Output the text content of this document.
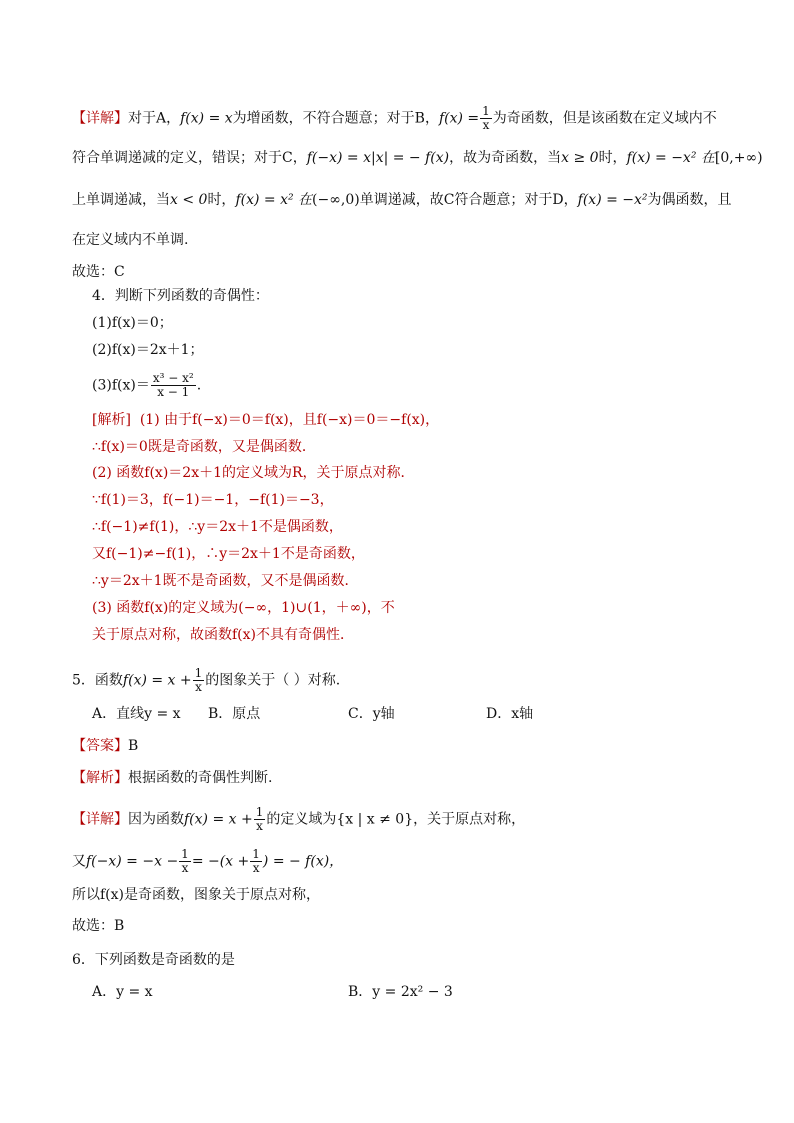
【详解】对于A，f(x) = x为增函数，不符合题意；对于B，$f(x) = \frac{1}{x}$ 为奇函数，但是该函数在定义域内不
符合单调递减的定义，错误；对于C，f(−x) = x|x| = − f(x)，故为奇函数，当x ≥ 0时，f(x) = −x² 在[0,+∞)
上单调递减，当x < 0时，f(x) = x² 在(−∞,0)单调递减，故C符合题意；对于D，f(x) = −x²为偶函数，且
在定义域内不单调.
故选：C
4．判断下列函数的奇偶性：
(1)f(x)＝0；
(2)f(x)＝2x＋1；
$(3)f(x)= \frac{\text{x³ − x²}}{x - 1}$ .
[解析] (1) 由于f(−x)＝0＝f(x)，且f(−x)＝0＝−f(x)，
∴f(x)＝0既是奇函数，又是偶函数．
(2) 函数f(x)＝2x＋1的定义域为R，关于原点对称．
∵f(1)＝3，f(−1)＝−1，−f(1)＝−3，
∴f(−1)≠f(1)，∴y＝2x＋1不是偶函数，
又f(−1)≠−f(1)，∴y＝2x＋1不是奇函数，
∴y＝2x＋1既不是奇函数，又不是偶函数．
(3) 函数f(x)的定义域为(−∞，1)∪(1，＋∞)，不
关于原点对称，故函数f(x)不具有奇偶性．
5．函数$f(x) = x + \frac{1}{x}$ 的图象关于（ ）对称.
A．直线y = x B．原点	C．y轴	D．x轴
【答案】B
【解析】根据函数的奇偶性判断.
【详解】因为函数$f(x) = x + \frac{1}{x}$ 的定义域为{x | x ≠ 0}，关于原点对称，
又$f(-x) = -x - \frac{1}{x} = -(x + \frac{1}{x}$ ) = − f(x)，
所以f(x)是奇函数，图象关于原点对称，
故选：B
6．下列函数是奇函数的是
A．y = x	B．y = 2x² − 3
